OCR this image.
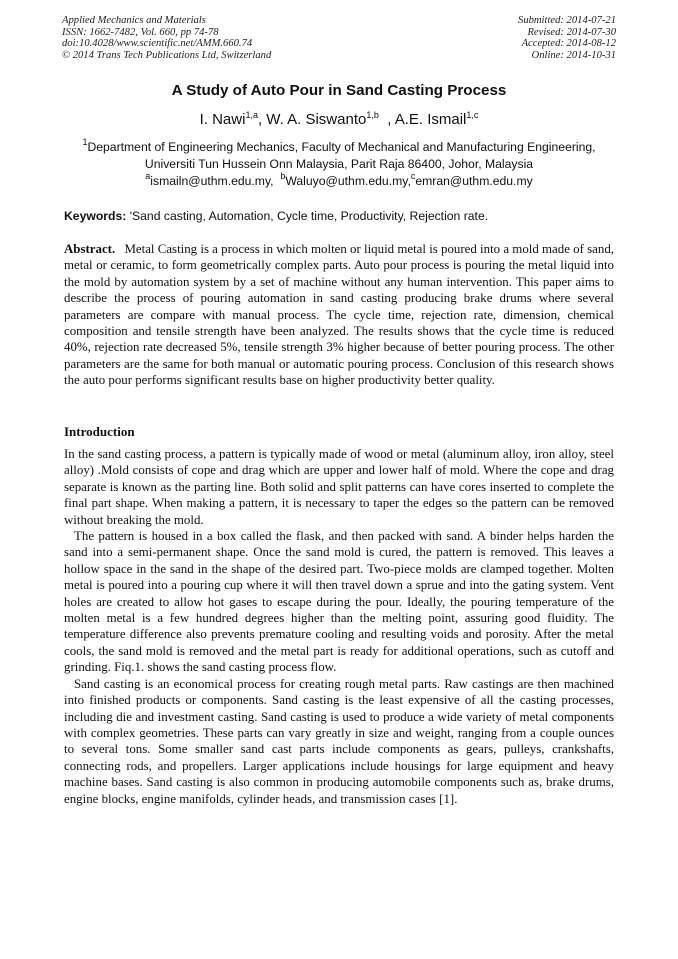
Applied Mechanics and Materials
ISSN: 1662-7482, Vol. 660, pp 74-78
doi:10.4028/www.scientific.net/AMM.660.74
© 2014 Trans Tech Publications Ltd, Switzerland
Submitted: 2014-07-21
Revised: 2014-07-30
Accepted: 2014-08-12
Online: 2014-10-31
A Study of Auto Pour in Sand Casting Process
I. Nawi$^{1,a}$, W. A. Siswanto$^{1,b}$  , A.E. Ismail$^{1,c}$
$^1$Department of Engineering Mechanics, Faculty of Mechanical and Manufacturing Engineering,
Universiti Tun Hussein Onn Malaysia, Parit Raja 86400, Johor, Malaysia
$^a$ismailn@uthm.edu.my,  $^b$Waluyo@uthm.edu.my,$^c$emran@uthm.edu.my
Keywords: 'Sand casting, Automation, Cycle time, Productivity, Rejection rate.
Abstract. Metal Casting is a process in which molten or liquid metal is poured into a mold made of sand, metal or ceramic, to form geometrically complex parts. Auto pour process is pouring the metal liquid into the mold by automation system by a set of machine without any human intervention. This paper aims to describe the process of pouring automation in sand casting producing brake drums where several parameters are compare with manual process. The cycle time, rejection rate, dimension, chemical composition and tensile strength have been analyzed. The results shows that the cycle time is reduced 40%, rejection rate decreased 5%, tensile strength 3% higher because of better pouring process. The other parameters are the same for both manual or automatic pouring process. Conclusion of this research shows the auto pour performs significant results base on higher productivity better quality.
Introduction

In the sand casting process, a pattern is typically made of wood or metal (aluminum alloy, iron alloy, steel alloy) .Mold consists of cope and drag which are upper and lower half of mold. Where the cope and drag separate is known as the parting line. Both solid and split patterns can have cores inserted to complete the final part shape. When making a pattern, it is necessary to taper the edges so the pattern can be removed without breaking the mold.

The pattern is housed in a box called the flask, and then packed with sand. A binder helps harden the sand into a semi-permanent shape. Once the sand mold is cured, the pattern is removed. This leaves a hollow space in the sand in the shape of the desired part. Two-piece molds are clamped together. Molten metal is poured into a pouring cup where it will then travel down a sprue and into the gating system. Vent holes are created to allow hot gases to escape during the pour. Ideally, the pouring temperature of the molten metal is a few hundred degrees higher than the melting point, assuring good fluidity. The temperature difference also prevents premature cooling and resulting voids and porosity. After the metal cools, the sand mold is removed and the metal part is ready for additional operations, such as cutoff and grinding. Fiq.1. shows the sand casting process flow.

Sand casting is an economical process for creating rough metal parts. Raw castings are then machined into finished products or components. Sand casting is the least expensive of all the casting processes, including die and investment casting. Sand casting is used to produce a wide variety of metal components with complex geometries. These parts can vary greatly in size and weight, ranging from a couple ounces to several tons. Some smaller sand cast parts include components as gears, pulleys, crankshafts, connecting rods, and propellers. Larger applications include housings for large equipment and heavy machine bases. Sand casting is also common in producing automobile components such as, brake drums, engine blocks, engine manifolds, cylinder heads, and transmission cases [1].
